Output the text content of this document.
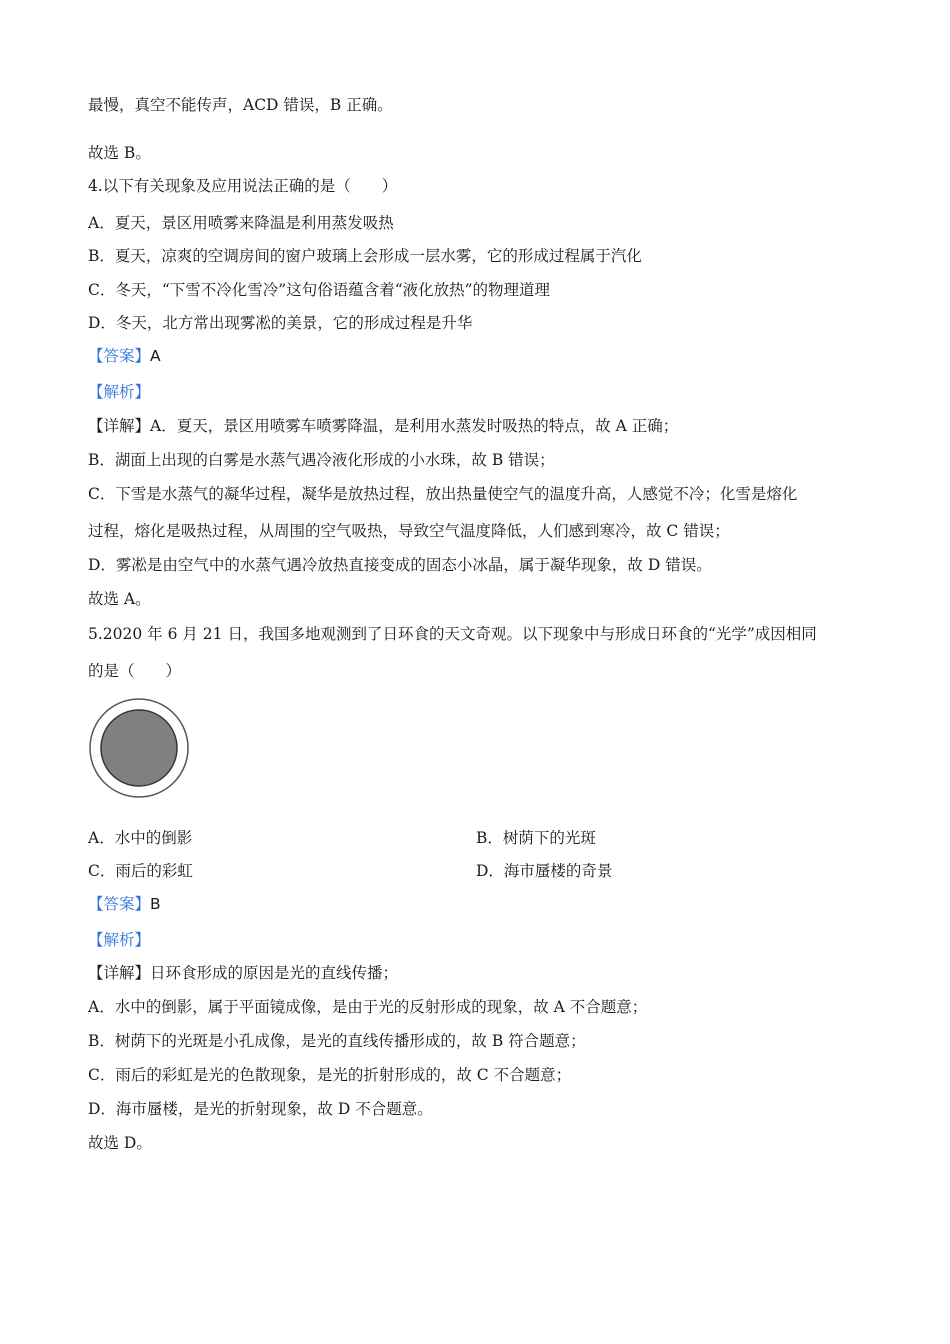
最慢，真空不能传声，ACD 错误，B 正确。
故选 B。
4.以下有关现象及应用说法正确的是（　　）
A．夏天，景区用喷雾来降温是利用蒸发吸热
B．夏天，凉爽的空调房间的窗户玻璃上会形成一层水雾，它的形成过程属于汽化
C．冬天，“下雪不冷化雪冷”这句俗语蕴含着“液化放热”的物理道理
D．冬天，北方常出现雾凇的美景，它的形成过程是升华
【答案】A
【解析】
【详解】A．夏天，景区用喷雾车喷雾降温，是利用水蒸发时吸热的特点，故 A 正确；
B．湖面上出现的白雾是水蒸气遇冷液化形成的小水珠，故 B 错误；
C．下雪是水蒸气的凝华过程，凝华是放热过程，放出热量使空气的温度升高，人感觉不冷；化雪是熔化
过程，熔化是吸热过程，从周围的空气吸热，导致空气温度降低，人们感到寒冷，故 C 错误；
D．雾凇是由空气中的水蒸气遇冷放热直接变成的固态小冰晶，属于凝华现象，故 D 错误。
故选 A。
5.2020 年 6 月 21 日，我国多地观测到了日环食的天文奇观。以下现象中与形成日环食的“光学”成因相同
的是（　　）
A．水中的倒影	B．树荫下的光斑
C．雨后的彩虹	D．海市蜃楼的奇景
【答案】B
【解析】
【详解】日环食形成的原因是光的直线传播；
A．水中的倒影，属于平面镜成像，是由于光的反射形成的现象，故 A 不合题意；
B．树荫下的光斑是小孔成像，是光的直线传播形成的，故 B 符合题意；
C．雨后的彩虹是光的色散现象，是光的折射形成的，故 C 不合题意；
D．海市蜃楼，是光的折射现象，故 D 不合题意。
故选 D。
